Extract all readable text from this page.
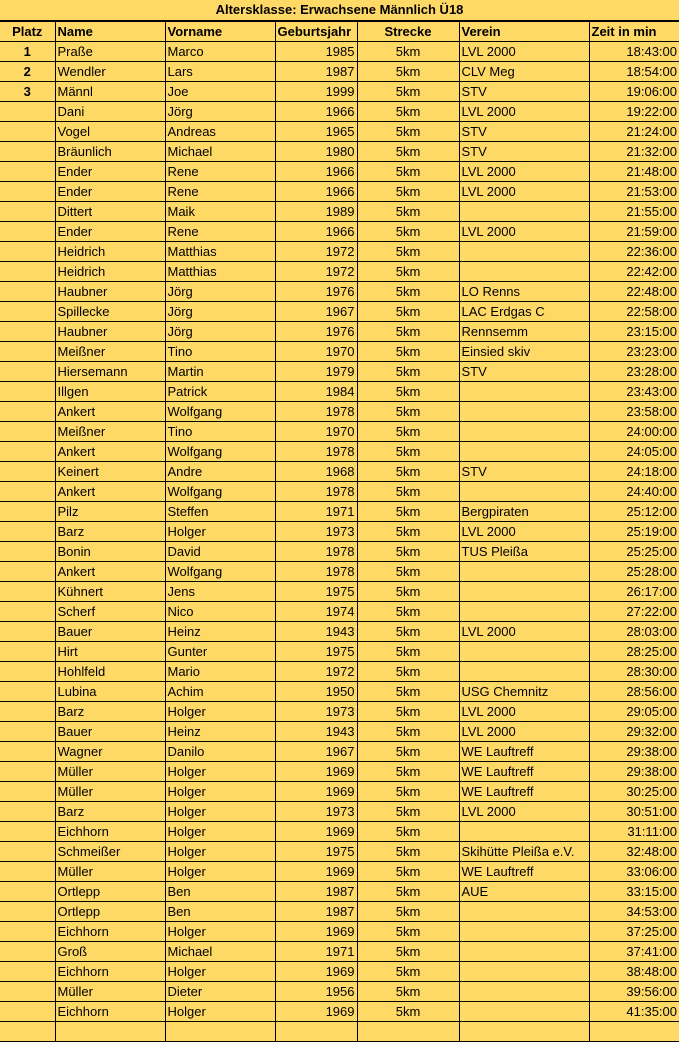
Altersklasse: Erwachsene Männlich Ü18
Platz	Name	Vorname	Geburtsjahr	Strecke	Verein	Zeit in min
1	Praße	Marco	1985	5km	LVL 2000	18:43:00
2	Wendler	Lars	1987	5km	CLV Meg	18:54:00
3	Männl	Joe	1999	5km	STV	19:06:00
	Dani	Jörg	1966	5km	LVL 2000	19:22:00
	Vogel	Andreas	1965	5km	STV	21:24:00
	Bräunlich	Michael	1980	5km	STV	21:32:00
	Ender	Rene	1966	5km	LVL 2000	21:48:00
	Ender	Rene	1966	5km	LVL 2000	21:53:00
	Dittert	Maik	1989	5km		21:55:00
	Ender	Rene	1966	5km	LVL 2000	21:59:00
	Heidrich	Matthias	1972	5km		22:36:00
	Heidrich	Matthias	1972	5km		22:42:00
	Haubner	Jörg	1976	5km	LO Renns	22:48:00
	Spillecke	Jörg	1967	5km	LAC Erdgas C	22:58:00
	Haubner	Jörg	1976	5km	Rennsemm	23:15:00
	Meißner	Tino	1970	5km	Einsied skiv	23:23:00
	Hiersemann	Martin	1979	5km	STV	23:28:00
	Illgen	Patrick	1984	5km		23:43:00
	Ankert	Wolfgang	1978	5km		23:58:00
	Meißner	Tino	1970	5km		24:00:00
	Ankert	Wolfgang	1978	5km		24:05:00
	Keinert	Andre	1968	5km	STV	24:18:00
	Ankert	Wolfgang	1978	5km		24:40:00
	Pilz	Steffen	1971	5km	Bergpiraten	25:12:00
	Barz	Holger	1973	5km	LVL 2000	25:19:00
	Bonin	David	1978	5km	TUS Pleißa	25:25:00
	Ankert	Wolfgang	1978	5km		25:28:00
	Kühnert	Jens	1975	5km		26:17:00
	Scherf	Nico	1974	5km		27:22:00
	Bauer	Heinz	1943	5km	LVL 2000	28:03:00
	Hirt	Gunter	1975	5km		28:25:00
	Hohlfeld	Mario	1972	5km		28:30:00
	Lubina	Achim	1950	5km	USG Chemnitz	28:56:00
	Barz	Holger	1973	5km	LVL 2000	29:05:00
	Bauer	Heinz	1943	5km	LVL 2000	29:32:00
	Wagner	Danilo	1967	5km	WE Lauftreff	29:38:00
	Müller	Holger	1969	5km	WE Lauftreff	29:38:00
	Müller	Holger	1969	5km	WE Lauftreff	30:25:00
	Barz	Holger	1973	5km	LVL 2000	30:51:00
	Eichhorn	Holger	1969	5km		31:11:00
	Schmeißer	Holger	1975	5km	Skihütte Pleißa e.V.	32:48:00
	Müller	Holger	1969	5km	WE Lauftreff	33:06:00
	Ortlepp	Ben	1987	5km	AUE	33:15:00
	Ortlepp	Ben	1987	5km		34:53:00
	Eichhorn	Holger	1969	5km		37:25:00
	Groß	Michael	1971	5km		37:41:00
	Eichhorn	Holger	1969	5km		38:48:00
	Müller	Dieter	1956	5km		39:56:00
	Eichhorn	Holger	1969	5km		41:35:00
